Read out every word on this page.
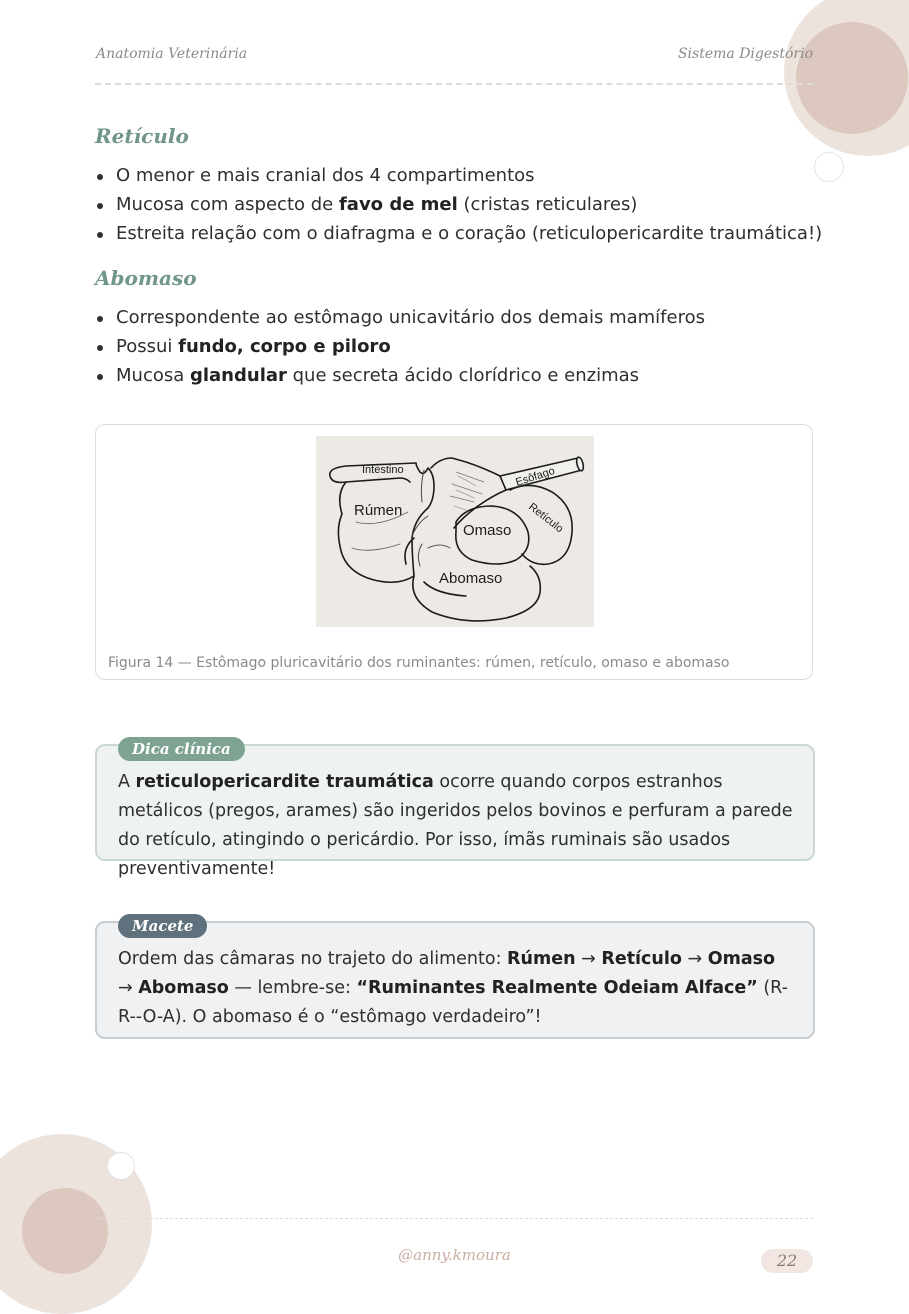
Anatomia Veterinária	Sistema Digestório
Retículo
O menor e mais cranial dos 4 compartimentos
Mucosa com aspecto de favo de mel (cristas reticulares)
Estreita relação com o diafragma e o coração (reticulopericardite traumática!)
Abomaso
Correspondente ao estômago unicavitário dos demais mamíferos
Possui fundo, corpo e piloro
Mucosa glandular que secreta ácido clorídrico e enzimas
Intestino	Esôfago
Rúmen	Retículo
Omaso
Abomaso
Figura 14 — Estômago pluricavitário dos ruminantes: rúmen, retículo, omaso e abomaso
Dica clínica

A reticulopericardite traumática ocorre quando corpos estranhos metálicos (pregos, arames) são ingeridos pelos bovinos e perfuram a parede do retículo, atingindo o pericárdio. Por isso, ímãs ruminais são usados preventivamente!

Macete

Ordem das câmaras no trajeto do alimento: Rúmen → Retículo → Omaso → Abomaso — lembre-se: “Ruminantes Realmente Odeiam Alface” (R-R--O-A). O abomaso é o “estômago verdadeiro”!

@anny.kmoura	22
